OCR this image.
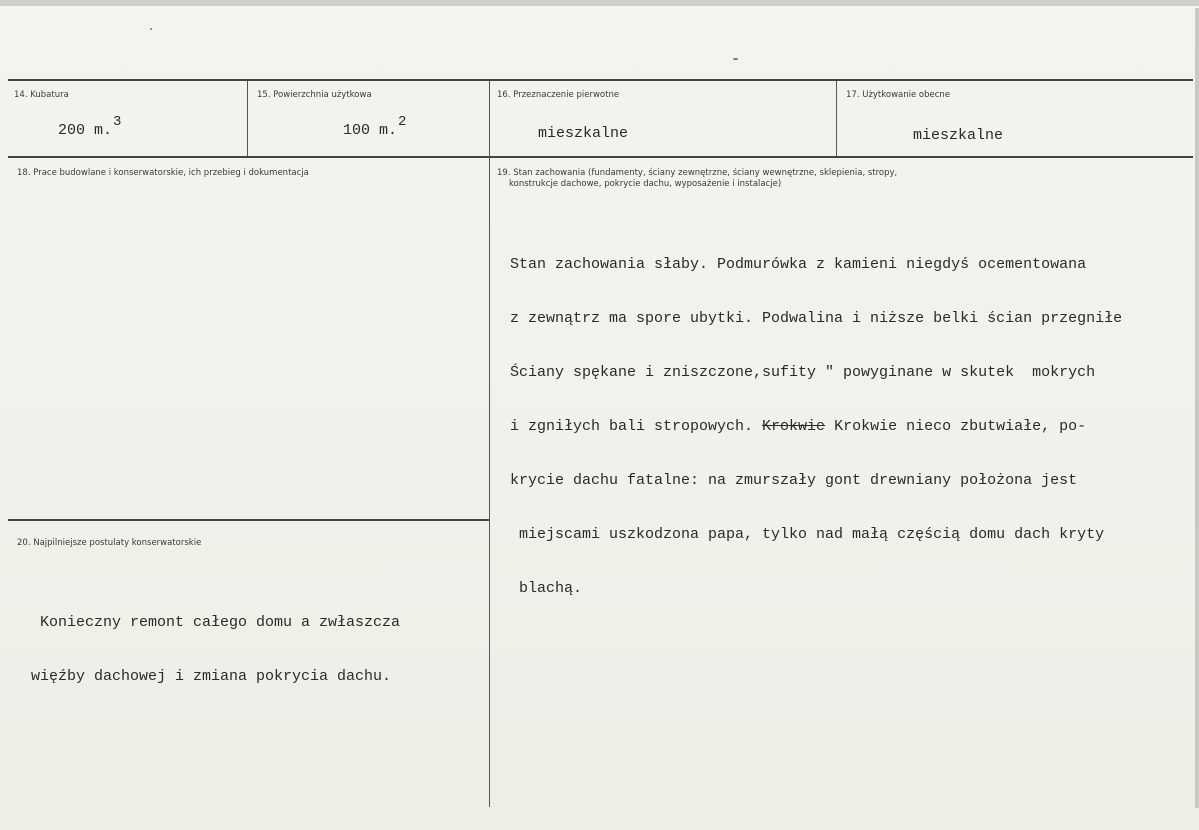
14. Kubatura
200 m.3
15. Powierzchnia użytkowa
100 m.2
16. Przeznaczenie pierwotne
mieszkalne
17. Użytkowanie obecne
mieszkalne
18. Prace budowlane i konserwatorskie, ich przebieg i dokumentacja	19. Stan zachowania (fundamenty, ściany zewnętrzne, ściany wewnętrzne, sklepienia, stropy,
konstrukcje dachowe, pokrycie dachu, wyposażenie i instalacje)

Stan zachowania słaby. Podmurówka z kamieni niegdyś ocementowana

z zewnątrz ma spore ubytki. Podwalina i niższe belki ścian przegniłe

Ściany spękane i zniszczone,sufity " powyginane w skutek  mokrych

i zgniłych bali stropowych. Krokwie Krokwie nieco zbutwiałe, po-

krycie dachu fatalne: na zmurszały gont drewniany położona jest

miejscami uszkodzona papa, tylko nad małą częścią domu dach kryty

blachą.

20. Najpilniejsze postulaty konserwatorskie

Konieczny remont całego domu a zwłaszcza

więźby dachowej i zmiana pokrycia dachu.
